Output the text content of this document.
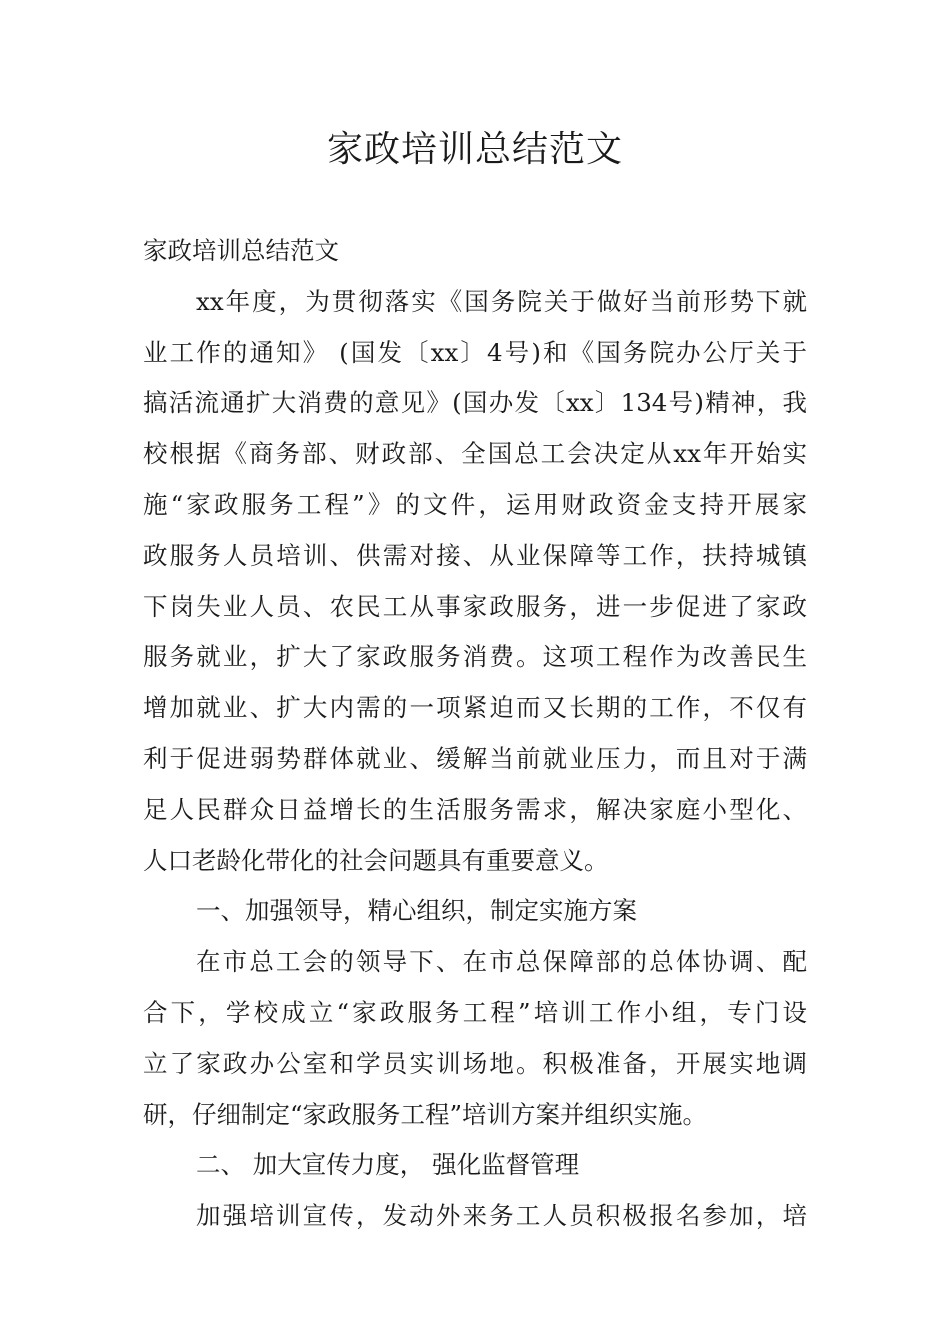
家政培训总结范文
家政培训总结范文
xx年度，为贯彻落实《国务院关于做好当前形势下就
业工作的通知》 (国发〔xx〕4号)和《国务院办公厅关于
搞活流通扩大消费的意见》(国办发〔xx〕134号)精神，我
校根据《商务部、财政部、全国总工会决定从xx年开始实
施“家政服务工程”》的文件，运用财政资金支持开展家
政服务人员培训、供需对接、从业保障等工作，扶持城镇
下岗失业人员、农民工从事家政服务，进一步促进了家政
服务就业，扩大了家政服务消费。这项工程作为改善民生
增加就业、扩大内需的一项紧迫而又长期的工作，不仅有
利于促进弱势群体就业、缓解当前就业压力，而且对于满
足人民群众日益增长的生活服务需求，解决家庭小型化、
人口老龄化带化的社会问题具有重要意义。
一、加强领导，精心组织，制定实施方案
在市总工会的领导下、在市总保障部的总体协调、配
合下，学校成立“家政服务工程”培训工作小组，专门设
立了家政办公室和学员实训场地。积极准备，开展实地调
研，仔细制定“家政服务工程”培训方案并组织实施。
二、 加大宣传力度， 强化监督管理
加强培训宣传，发动外来务工人员积极报名参加，培
